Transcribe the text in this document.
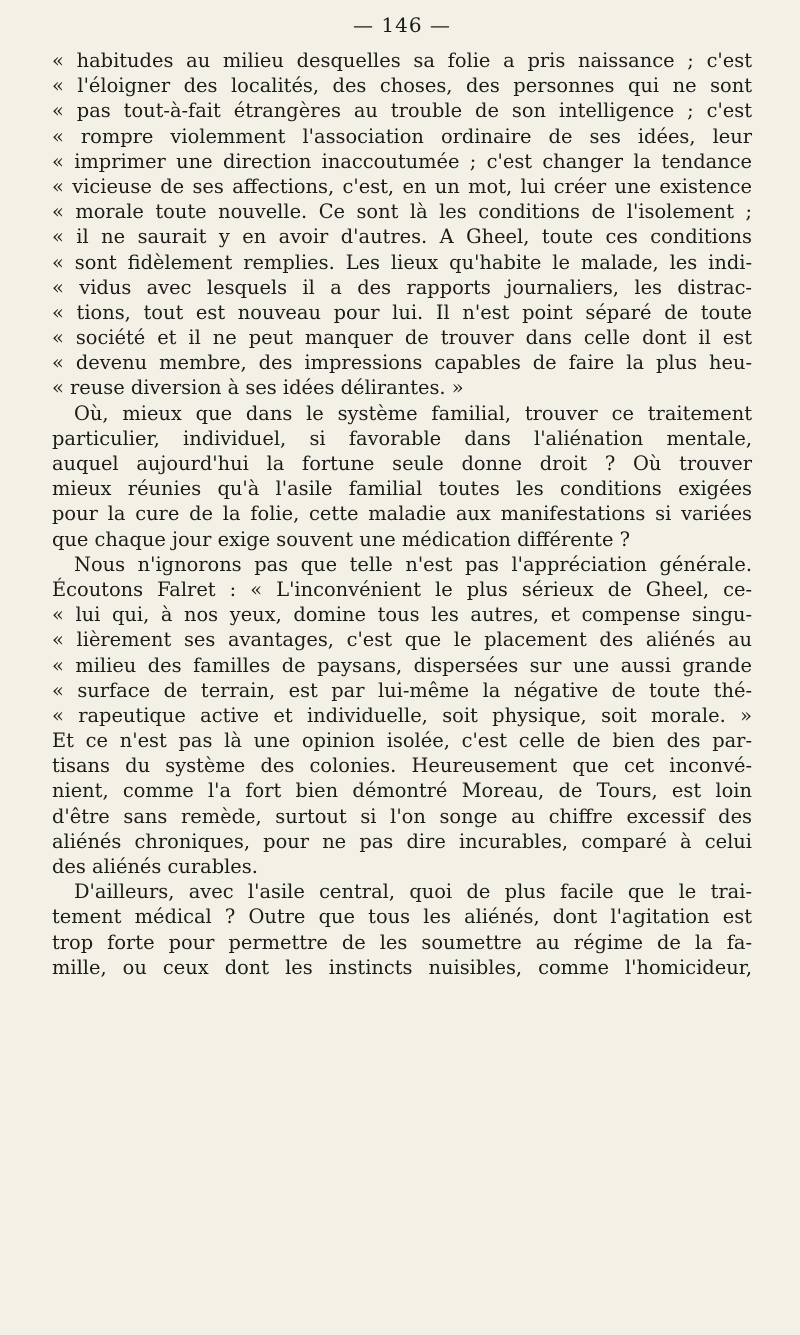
— 146 —
« habitudes au milieu desquelles sa folie a pris naissance ; c'est
« l'éloigner des localités, des choses, des personnes qui ne sont
« pas tout-à-fait étrangères au trouble de son intelligence ; c'est
« rompre violemment l'association ordinaire de ses idées, leur
« imprimer une direction inaccoutumée ; c'est changer la tendance
« vicieuse de ses affections, c'est, en un mot, lui créer une existence
« morale toute nouvelle. Ce sont là les conditions de l'isolement ;
« il ne saurait y en avoir d'autres. A Gheel, toute ces conditions
« sont fidèlement remplies. Les lieux qu'habite le malade, les indi-
« vidus avec lesquels il a des rapports journaliers, les distrac-
« tions, tout est nouveau pour lui. Il n'est point séparé de toute
« société et il ne peut manquer de trouver dans celle dont il est
« devenu membre, des impressions capables de faire la plus heu-
« reuse diversion à ses idées délirantes. »
Où, mieux que dans le système familial, trouver ce traitement
particulier, individuel, si favorable dans l'aliénation mentale,
auquel aujourd'hui la fortune seule donne droit ? Où trouver
mieux réunies qu'à l'asile familial toutes les conditions exigées
pour la cure de la folie, cette maladie aux manifestations si variées
que chaque jour exige souvent une médication différente ?
Nous n'ignorons pas que telle n'est pas l'appréciation générale.
Écoutons Falret : « L'inconvénient le plus sérieux de Gheel, ce-
« lui qui, à nos yeux, domine tous les autres, et compense singu-
« lièrement ses avantages, c'est que le placement des aliénés au
« milieu des familles de paysans, dispersées sur une aussi grande
« surface de terrain, est par lui-même la négative de toute thé-
« rapeutique active et individuelle, soit physique, soit morale. »
Et ce n'est pas là une opinion isolée, c'est celle de bien des par-
tisans du système des colonies. Heureusement que cet inconvé-
nient, comme l'a fort bien démontré Moreau, de Tours, est loin
d'être sans remède, surtout si l'on songe au chiffre excessif des
aliénés chroniques, pour ne pas dire incurables, comparé à celui
des aliénés curables.
D'ailleurs, avec l'asile central, quoi de plus facile que le trai-
tement médical ? Outre que tous les aliénés, dont l'agitation est
trop forte pour permettre de les soumettre au régime de la fa-
mille, ou ceux dont les instincts nuisibles, comme l'homicideur,
